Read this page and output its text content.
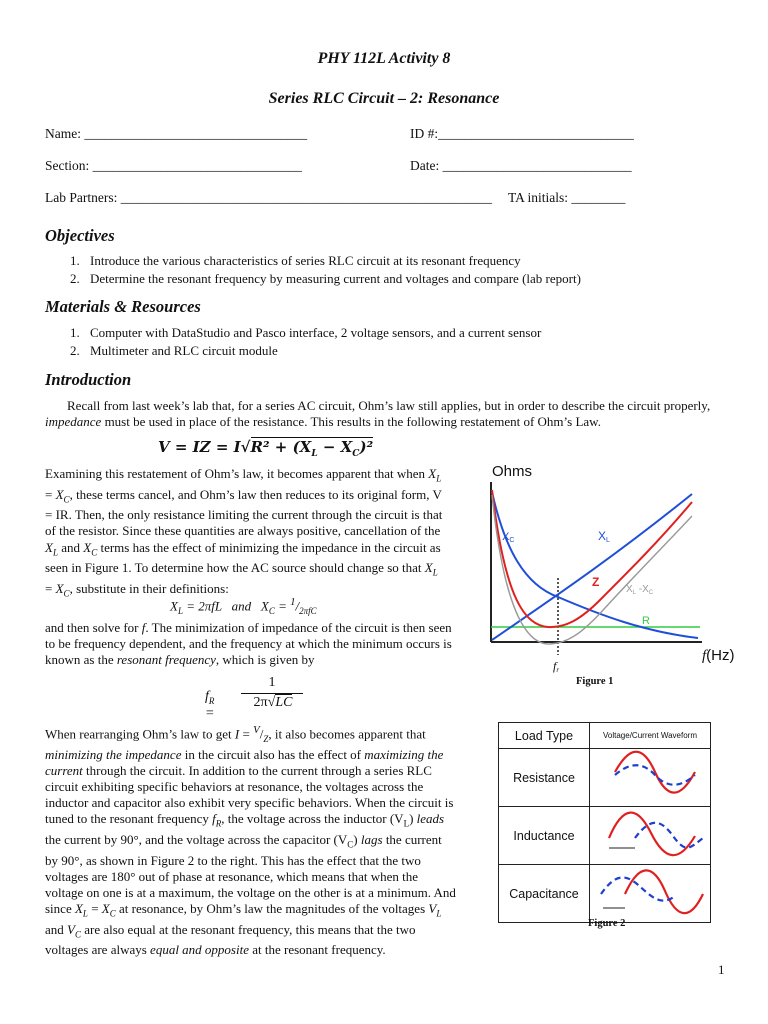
PHY 112L Activity 8
Series RLC Circuit – 2: Resonance
Name: _________________________________	ID #:_____________________________
Section: _______________________________	Date: ____________________________
Lab Partners: _______________________________________________________ TA initials: ________
Objectives
1. Introduce the various characteristics of series RLC circuit at its resonant frequency
2. Determine the resonant frequency by measuring current and voltages and compare (lab report)
Materials & Resources
1. Computer with DataStudio and Pasco interface, 2 voltage sensors, and a current sensor
2. Multimeter and RLC circuit module
Introduction
Recall from last week’s lab that, for a series AC circuit, Ohm’s law still applies, but in order to describe the circuit properly, impedance must be used in place of the resistance. This results in the following restatement of Ohm’s Law.
V = IZ = $I√R^2 + (X_L - X_C)^2$
Examining this restatement of Ohm’s law, it becomes apparent that when $X_L = X_C$, these terms cancel, and Ohm’s law then reduces to its original form, V = IR. Then, the only resistance limiting the current through the circuit is that of the resistor. Since these quantities are always positive, cancellation of the $X_L$ and $X_C$ terms has the effect of minimizing the impedance in the circuit as seen in Figure 1. To determine how the AC source should change so that $X_L = X_C$, substitute in their definitions:
$X_L = 2\pi fL$   and   $X_C = ^1/_{2\pi fC}$
and then solve for f. The minimization of impedance of the circuit is then seen to be frequency dependent, and the frequency at which the minimum occurs is known as the resonant frequency, which is given by
$f_R$ =
1
2π√LC
When rearranging Ohm’s law to get $I = ^V/_Z$, it also becomes apparent that minimizing the impedance in the circuit also has the effect of maximizing the current through the circuit. In addition to the current through a series RLC circuit exhibiting specific behaviors at resonance, the voltages across the inductor and capacitor also exhibit very specific behaviors. When the circuit is tuned to the resonant frequency $f_R$, the voltage across the inductor $(V_L)$ leads the current by 90°, and the voltage across the capacitor $(V_C)$ lags the current by 90°, as shown in Figure 2 to the right. This has the effect that the two voltages are 180° out of phase at resonance, which means that when the voltage on one is at a maximum, the voltage on the other is at a minimum. And since $X_L = X_C$ at resonance, by Ohm’s law the magnitudes of the voltages $V_L$ and $V_C$ are also equal at the resonant frequency, this means that the two voltages are always equal and opposite at the resonant frequency.
Ohms
XC	XL
Z
$X_L$ $-X_C$
R
f(Hz)
fr
Figure 1
Load Type	Voltage/Current Waveform
Resistance	
Inductance	
Capacitance	
Figure 2
1
